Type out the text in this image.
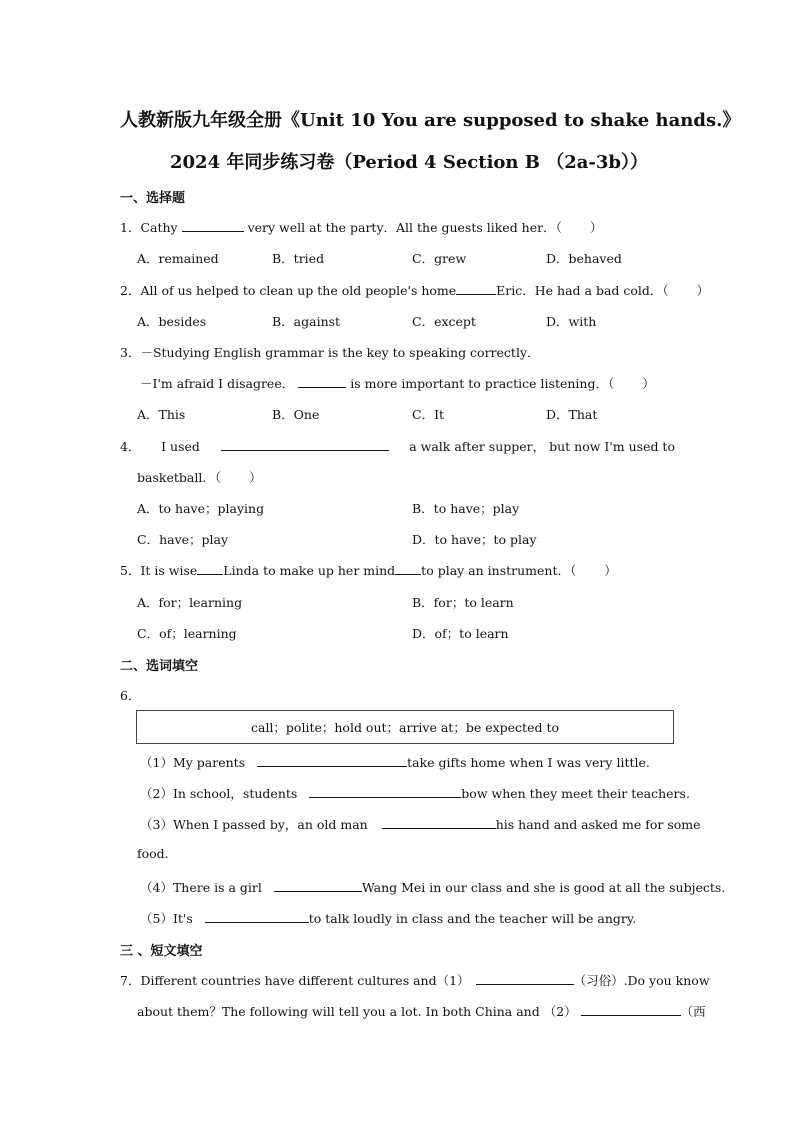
人教新版九年级全册《Unit 10 You are supposed to shake hands.》
2024 年同步练习卷（Period 4 Section B （2a-3b））
一、选择题
1．Cathy	very well at the party．All the guests liked her．（ ）
A．remained	B．tried	C．grew	D．behaved
2．All of us helped to clean up the old people's home	Eric．He had a bad cold．（ ）
A．besides	B．against	C．except	D．with
3．－Studying English grammar is the key to speaking correctly．
－I'm afraid I disagree．	is more important to practice listening．（ ）
A．This	B．One	C．It	D．That
4． I used	a walk after supper， but now I'm used to
basketball．（ ）
A．to have；playing	B．to have；play
C．have；play	D．to have；to play
5．It is wise Linda to make up her mind to play an instrument．（ ）
A．for；learning	B．for；to learn
C．of；learning	D．of；to learn
二、选词填空
6．
call；polite；hold out；arrive at；be expected to
（1）My parents	take gifts home when I was very little.
（2）In school，students	bow when they meet their teachers.
（3）When I passed by，an old man	his hand and asked me for some
food.
（4）There is a girl	Wang Mei in our class and she is good at all the subjects.
（5）It's	to talk loudly in class and the teacher will be angry.
三 、短文填空
7．Different countries have different cultures and（1）	（习俗）.Do you know
about them？The following will tell you a lot. In both China and （2）	（西
